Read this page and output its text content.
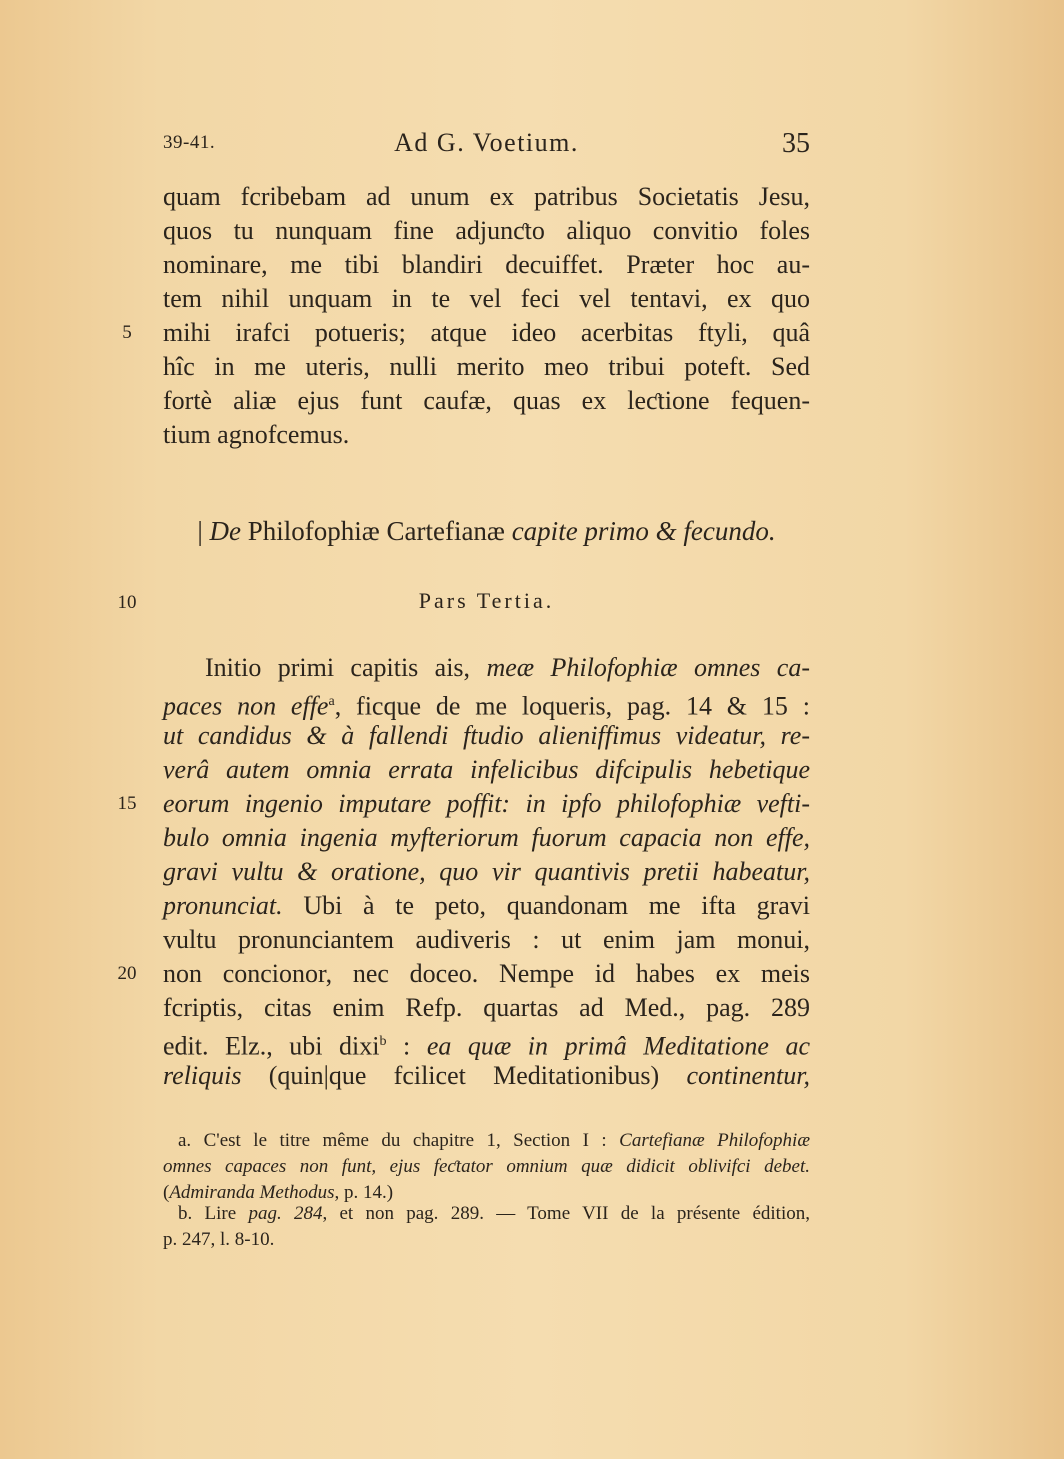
39-41.	Ad G. Voetium.	35
quam fcribebam ad unum ex patribus Societatis Jesu,
quos tu nunquam fine adjunƈto aliquo convitio foles
nominare, me tibi blandiri decuiffet. Præter hoc au-
tem nihil unquam in te vel feci vel tentavi, ex quo
5	mihi irafci potueris; atque ideo acerbitas ftyli, quâ
hîc in me uteris, nulli merito meo tribui poteft. Sed
fortè aliæ ejus funt caufæ, quas ex leƈtione fequen-
tium agnofcemus.
| De Philofophiæ Cartefianæ capite primo & fecundo.
10	Pars Tertia.
Initio primi capitis ais, meæ Philofophiæ omnes ca-
paces non effe$^a$, ficque de me loqueris, pag. 14 & 15 :
ut candidus & à fallendi ftudio alieniffimus videatur, re-
verâ autem omnia errata infelicibus difcipulis hebetique
15 eorum ingenio imputare poffit: in ipfo philofophiæ vefti-
bulo omnia ingenia myfteriorum fuorum capacia non effe,
gravi vultu & oratione, quo vir quantivis pretii habeatur,
pronunciat. Ubi à te peto, quandonam me ifta gravi
vultu pronunciantem audiveris : ut enim jam monui,
20 non concionor, nec doceo. Nempe id habes ex meis
fcriptis, citas enim Refp. quartas ad Med., pag. 289
edit. Elz., ubi dixi$^b$ : ea quæ in primâ Meditatione ac
reliquis (quin|que fcilicet Meditationibus) continentur,
a. C'est le titre même du chapitre 1, Section I : Cartefianæ Philofophiæ
omnes capaces non funt, ejus feƈtator omnium quæ didicit oblivifci debet.
(Admiranda Methodus, p. 14.)
b. Lire pag. 284, et non pag. 289. — Tome VII de la présente édition,
p. 247, l. 8-10.
